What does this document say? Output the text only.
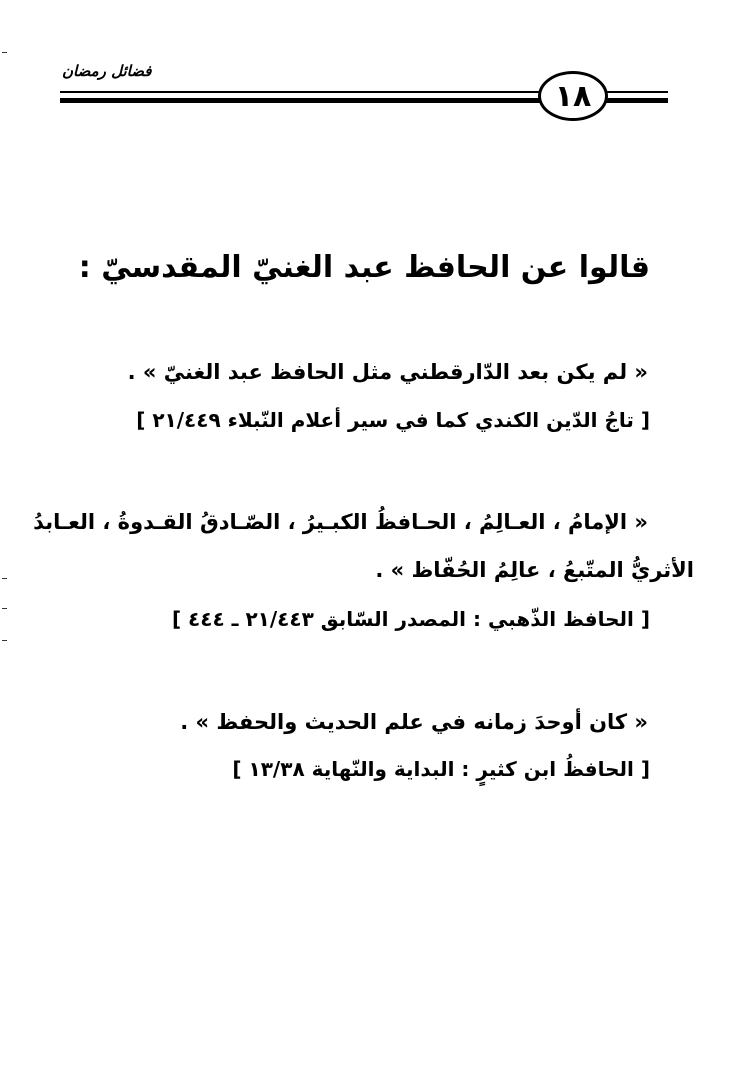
فضائل رمضان
١٨
قالوا عن الحافظ عبد الغنيّ المقدسيّ :
« لم يكن بعد الدّارقطني مثل الحافظ عبد الغنيّ » .
[ تاجُ الدّين الكندي كما في سير أعلام النّبلاء ٢١/٤٤٩ ]
« الإمامُ ، العـالِمُ ، الحـافظُ الكبـيرُ ، الصّـادقُ القـدوةُ ، العـابدُ
الأثريُّ المتّبعُ ، عالِمُ الحُفّاظ » .
[ الحافظ الذّهبي : المصدر السّابق ٢١/٤٤٣ ـ ٤٤٤ ]
« كان أوحدَ زمانه في علم الحديث والحفظ » .
[ الحافظُ ابن كثيرٍ : البداية والنّهاية ١٣/٣٨ ]
